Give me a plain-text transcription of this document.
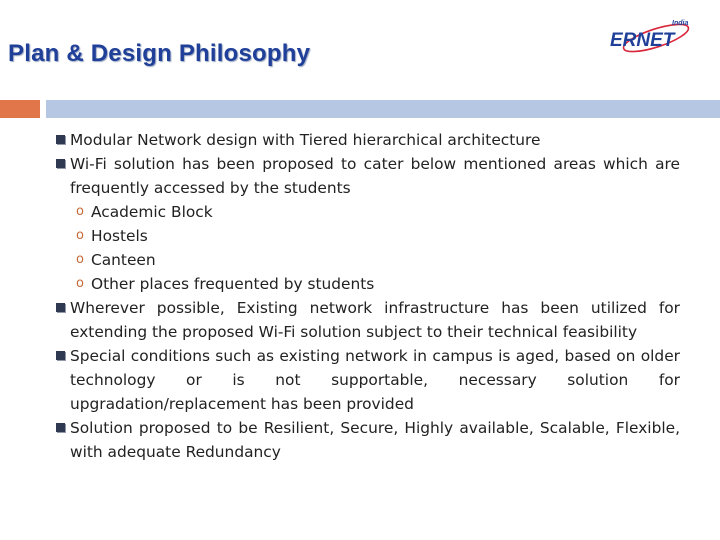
Plan & Design Philosophy	ERNET
India
Modular Network design with Tiered hierarchical architecture
Wi-Fi solution has been proposed to cater below mentioned areas which are frequently accessed by the students
o Academic Block
o Hostels
o Canteen
o Other places frequented by students
Wherever possible, Existing network infrastructure has been utilized for extending the proposed Wi-Fi solution subject to their technical feasibility
Special conditions such as existing network in campus is aged, based on older technology or is not supportable, necessary solution for upgradation/replacement has been provided
Solution proposed to be Resilient, Secure, Highly available, Scalable, Flexible, with adequate Redundancy
